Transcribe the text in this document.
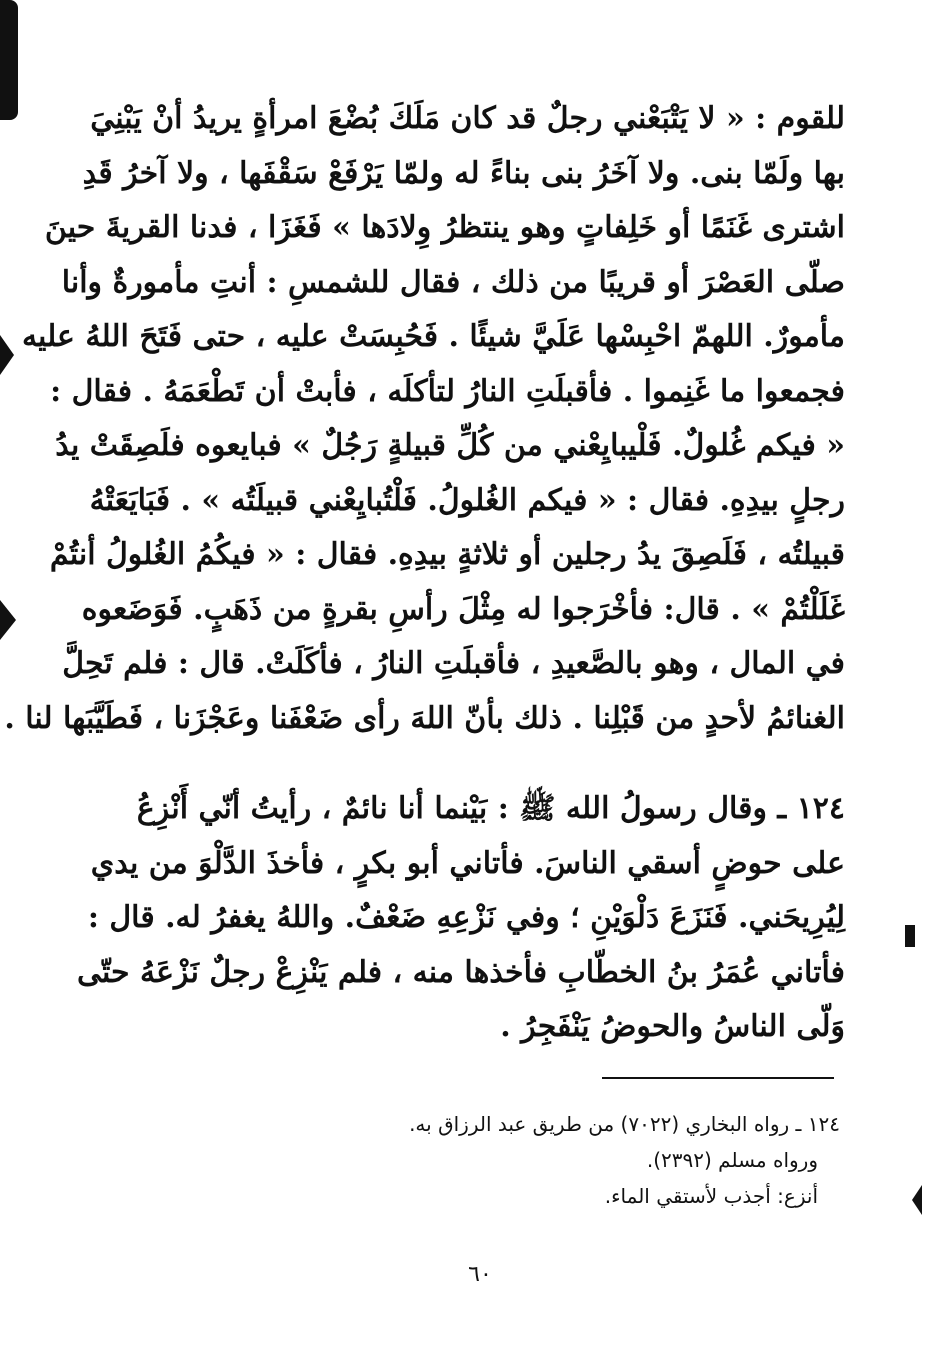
للقوم : « لا يَتْبَعْني رجلٌ قد كان مَلَكَ بُضْعَ امرأةٍ يريدُ أنْ يَبْنِيَ
بها ولَمّا بنى. ولا آخَرُ بنى بناءً له ولمّا يَرْفَعْ سَقْفَها ، ولا آخرُ قَدِ
اشترى غَنَمًا أو خَلِفاتٍ وهو ينتظرُ وِلادَها » فَغَزَا ، فدنا القريةَ حينَ
صلّى العَصْرَ أو قريبًا من ذلك ، فقال للشمسِ : أنتِ مأمورةٌ وأنا
مأمورٌ. اللهمّ احْبِسْها عَلَيَّ شيئًا . فَحُبِسَتْ عليه ، حتى فَتَحَ اللهُ عليه
فجمعوا ما غَنِموا . فأقبلَتِ النارُ لتأكلَه ، فأبتْ أن تَطْعَمَهُ . فقال :
« فيكم غُلولٌ. فَلْيبايِعْني من كُلِّ قبيلةٍ رَجُلٌ » فبايعوه فلَصِقَتْ يدُ
رجلٍ بيدِهِ. فقال : « فيكم الغُلولُ. فَلْتُبايِعْني قبيلَتُه » . فَبَايَعَتْهُ
قبيلتُه ، فَلَصِقَ يدُ رجلين أو ثلاثةٍ بيدِهِ. فقال : « فيكُمُ الغُلولُ أنتُمْ
غَلَلْتُمْ » . قال: فأخْرَجوا له مِثْلَ رأسِ بقرةٍ من ذَهَبٍ. فَوَضَعوه
في المال ، وهو بالصَّعيدِ ، فأقبلَتِ النارُ ، فأكَلَتْ. قال : فلم تَحِلَّ
الغنائمُ لأحدٍ من قَبْلِنا . ذلك بأنّ اللهَ رأى ضَعْفَنا وعَجْزَنا ، فَطَيَّبَها لنا .
١٢٤ ـ وقال رسولُ الله ﷺ : بَيْنما أنا نائمٌ ، رأيتُ أنّي أَنْزِعُ
على حوضٍ أسقي الناسَ. فأتاني أبو بكرٍ ، فأخذَ الدَّلْوَ من يدي
لِيُرِيحَني. فَنَزَعَ دَلْوَيْنِ ؛ وفي نَزْعِهِ ضَعْفٌ. واللهُ يغفرُ له. قال :
فأتاني عُمَرُ بنُ الخطّابِ فأخذها منه ، فلم يَنْزِعْ رجلٌ نَزْعَهُ حتّى
وَلّى الناسُ والحوضُ يَنْفَجِرُ .
١٢٤ ـ رواه البخاري (٧٠٢٢) من طريق عبد الرزاق به.
ورواه مسلم (٢٣٩٢).
أنزع: أجذب لأستقي الماء.
٦٠
